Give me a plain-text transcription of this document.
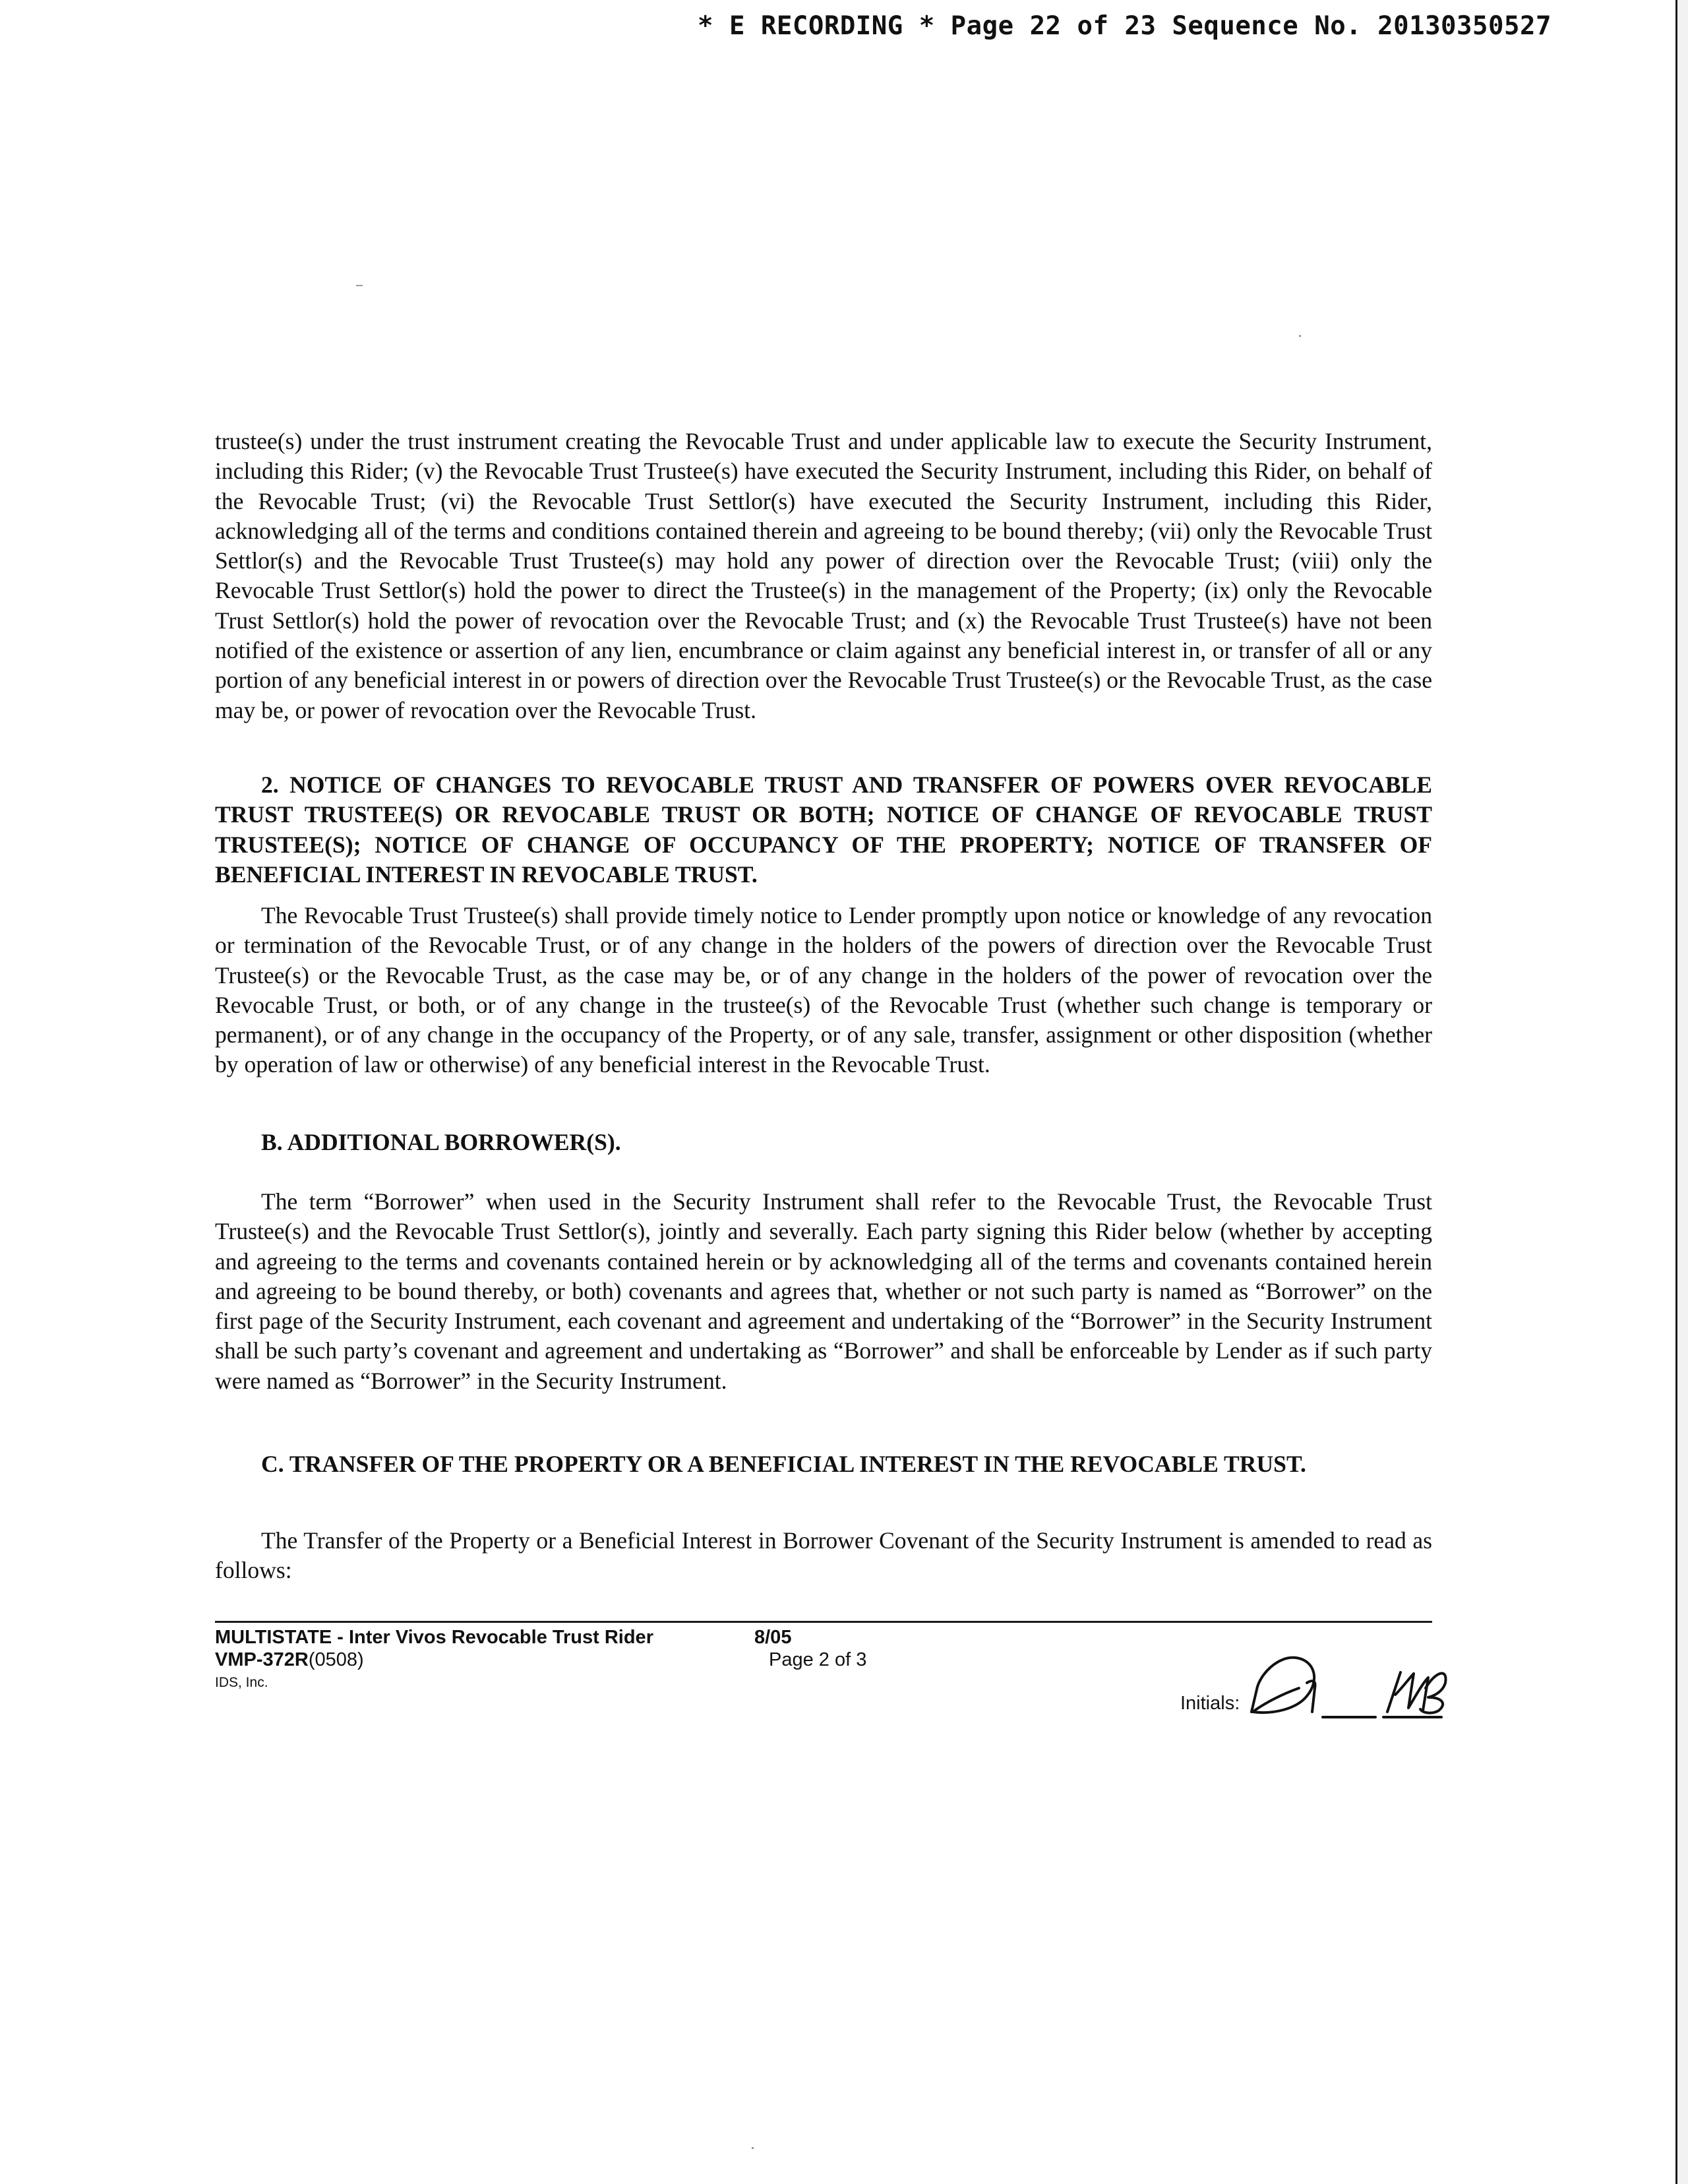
* E RECORDING * Page 22 of 23 Sequence No. 20130350527

trustee(s) under the trust instrument creating the Revocable Trust and under applicable law to execute the Security Instrument, including this Rider; (v) the Revocable Trust Trustee(s) have executed the Security Instrument, including this Rider, on behalf of the Revocable Trust; (vi) the Revocable Trust Settlor(s) have executed the Security Instrument, including this Rider, acknowledging all of the terms and conditions contained therein and agreeing to be bound thereby; (vii) only the Revocable Trust Settlor(s) and the Revocable Trust Trustee(s) may hold any power of direction over the Revocable Trust; (viii) only the Revocable Trust Settlor(s) hold the power to direct the Trustee(s) in the management of the Property; (ix) only the Revocable Trust Settlor(s) hold the power of revocation over the Revocable Trust; and (x) the Revocable Trust Trustee(s) have not been notified of the existence or assertion of any lien, encumbrance or claim against any beneficial interest in, or transfer of all or any portion of any beneficial interest in or powers of direction over the Revocable Trust Trustee(s) or the Revocable Trust, as the case may be, or power of revocation over the Revocable Trust.

2. NOTICE OF CHANGES TO REVOCABLE TRUST AND TRANSFER OF POWERS OVER REVOCABLE TRUST TRUSTEE(S) OR REVOCABLE TRUST OR BOTH; NOTICE OF CHANGE OF REVOCABLE TRUST TRUSTEE(S); NOTICE OF CHANGE OF OCCUPANCY OF THE PROPERTY; NOTICE OF TRANSFER OF BENEFICIAL INTEREST IN REVOCABLE TRUST.

The Revocable Trust Trustee(s) shall provide timely notice to Lender promptly upon notice or knowledge of any revocation or termination of the Revocable Trust, or of any change in the holders of the powers of direction over the Revocable Trust Trustee(s) or the Revocable Trust, as the case may be, or of any change in the holders of the power of revocation over the Revocable Trust, or both, or of any change in the trustee(s) of the Revocable Trust (whether such change is temporary or permanent), or of any change in the occupancy of the Property, or of any sale, transfer, assignment or other disposition (whether by operation of law or otherwise) of any beneficial interest in the Revocable Trust.

B. ADDITIONAL BORROWER(S).

The term “Borrower” when used in the Security Instrument shall refer to the Revocable Trust, the Revocable Trust Trustee(s) and the Revocable Trust Settlor(s), jointly and severally. Each party signing this Rider below (whether by accepting and agreeing to the terms and covenants contained herein or by acknowledging all of the terms and covenants contained herein and agreeing to be bound thereby, or both) covenants and agrees that, whether or not such party is named as “Borrower” on the first page of the Security Instrument, each covenant and agreement and undertaking of the “Borrower” in the Security Instrument shall be such party’s covenant and agreement and undertaking as “Borrower” and shall be enforceable by Lender as if such party were named as “Borrower” in the Security Instrument.

C. TRANSFER OF THE PROPERTY OR A BENEFICIAL INTEREST IN THE REVOCABLE TRUST.

The Transfer of the Property or a Beneficial Interest in Borrower Covenant of the Security Instrument is amended to read as follows:

MULTISTATE - Inter Vivos Revocable Trust Rider
VMP-372R(0508)
IDS, Inc.
8/05
Page 2 of 3
Initials:
